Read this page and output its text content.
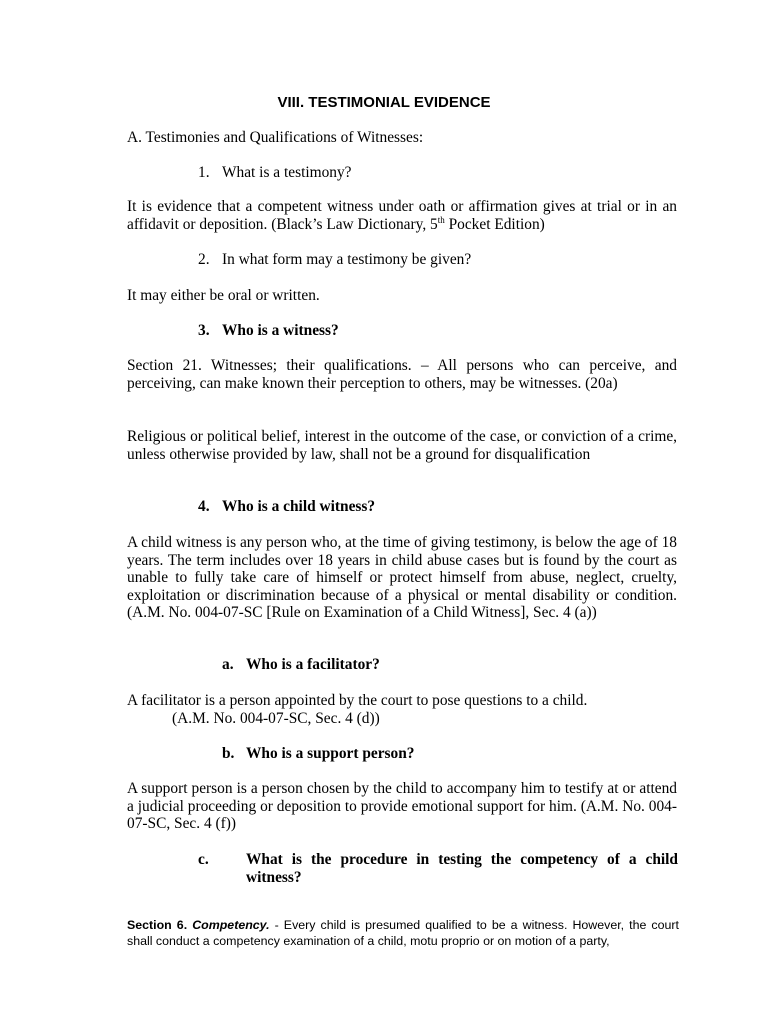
VIII. TESTIMONIAL EVIDENCE

A. Testimonies and Qualifications of Witnesses:

1. What is a testimony?

It is evidence that a competent witness under oath or affirmation gives at trial or in an affidavit or deposition. (Black’s Law Dictionary, 5th Pocket Edition)

2. In what form may a testimony be given?

It may either be oral or written.

3. Who is a witness?

Section 21. Witnesses; their qualifications. – All persons who can perceive, and perceiving, can make known their perception to others, may be witnesses. (20a)

Religious or political belief, interest in the outcome of the case, or conviction of a crime, unless otherwise provided by law, shall not be a ground for disqualification

4. Who is a child witness?

A child witness is any person who, at the time of giving testimony, is below the age of 18 years. The term includes over 18 years in child abuse cases but is found by the court as unable to fully take care of himself or protect himself from abuse, neglect, cruelty, exploitation or discrimination because of a physical or mental disability or condition. (A.M. No. 004-07-SC [Rule on Examination of a Child Witness], Sec. 4 (a))

a. Who is a facilitator?

A facilitator is a person appointed by the court to pose questions to a child.
(A.M. No. 004-07-SC, Sec. 4 (d))

b. Who is a support person?

A support person is a person chosen by the child to accompany him to testify at or attend a judicial proceeding or deposition to provide emotional support for him. (A.M. No. 004-07-SC, Sec. 4 (f))

c. What is the procedure in testing the competency of a child witness?

Section 6. Competency. - Every child is presumed qualified to be a witness. However, the court shall conduct a competency examination of a child, motu proprio or on motion of a party,
